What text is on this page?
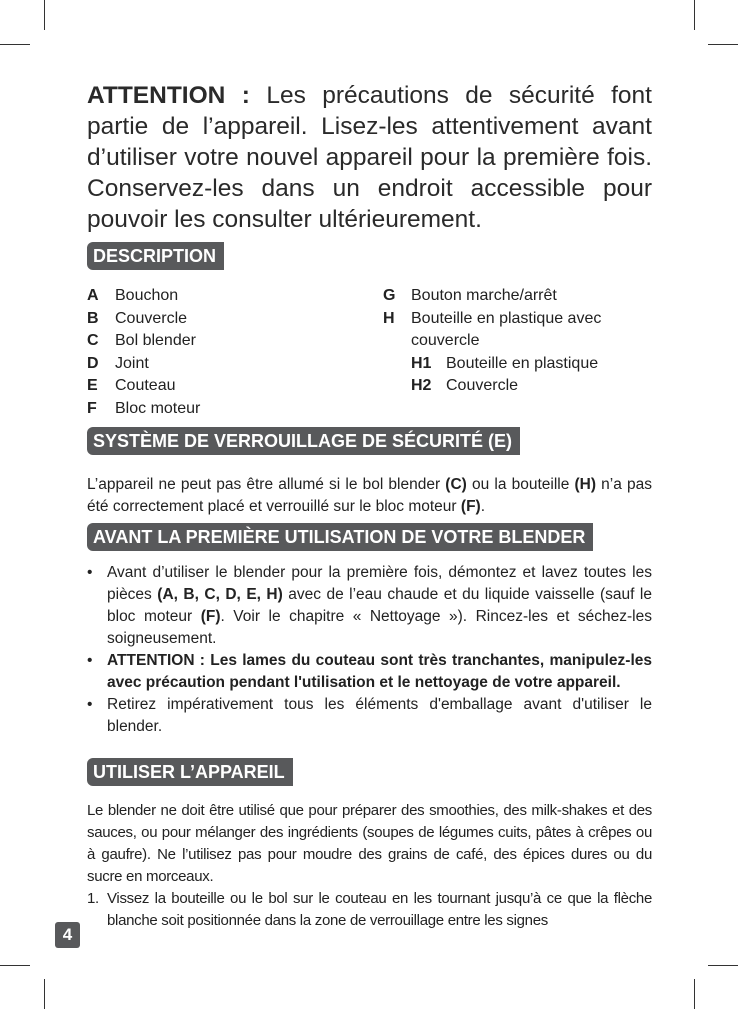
ATTENTION : Les précautions de sécurité font partie de l’appareil. Lisez-les attentivement avant d’utiliser votre nouvel appareil pour la première fois. Conservez-les dans un endroit accessible pour pouvoir les consulter ultérieurement.
DESCRIPTION
A	Bouchon
B	Couvercle
C	Bol blender
D	Joint
E	Couteau
F	Bloc moteur
G Bouton marche/arrêt
H	Bouteille en plastique avec couvercle
H1 Bouteille en plastique
H2 Couvercle
SYSTÈME DE VERROUILLAGE DE SÉCURITÉ (E)
L’appareil ne peut pas être allumé si le bol blender (C) ou la bouteille (H) n’a pas été correctement placé et verrouillé sur le bloc moteur (F).
AVANT LA PREMIÈRE UTILISATION DE VOTRE BLENDER
• Avant d’utiliser le blender pour la première fois, démontez et lavez toutes les pièces (A, B, C, D, E, H) avec de l’eau chaude et du liquide vaisselle (sauf le bloc moteur (F). Voir le chapitre « Nettoyage »). Rincez-les et séchez-les soigneusement.
• ATTENTION : Les lames du couteau sont très tranchantes, manipulez-les avec précaution pendant l'utilisation et le nettoyage de votre appareil.
• Retirez impérativement tous les éléments d'emballage avant d'utiliser le blender.
UTILISER L’APPAREIL
Le blender ne doit être utilisé que pour préparer des smoothies, des milk-shakes et des sauces, ou pour mélanger des ingrédients (soupes de légumes cuits, pâtes à crêpes ou à gaufre). Ne l’utilisez pas pour moudre des grains de café, des épices dures ou du sucre en morceaux.
1. Vissez la bouteille ou le bol sur le couteau en les tournant jusqu’à ce que la flèche blanche soit positionnée dans la zone de verrouillage entre les signes
4
